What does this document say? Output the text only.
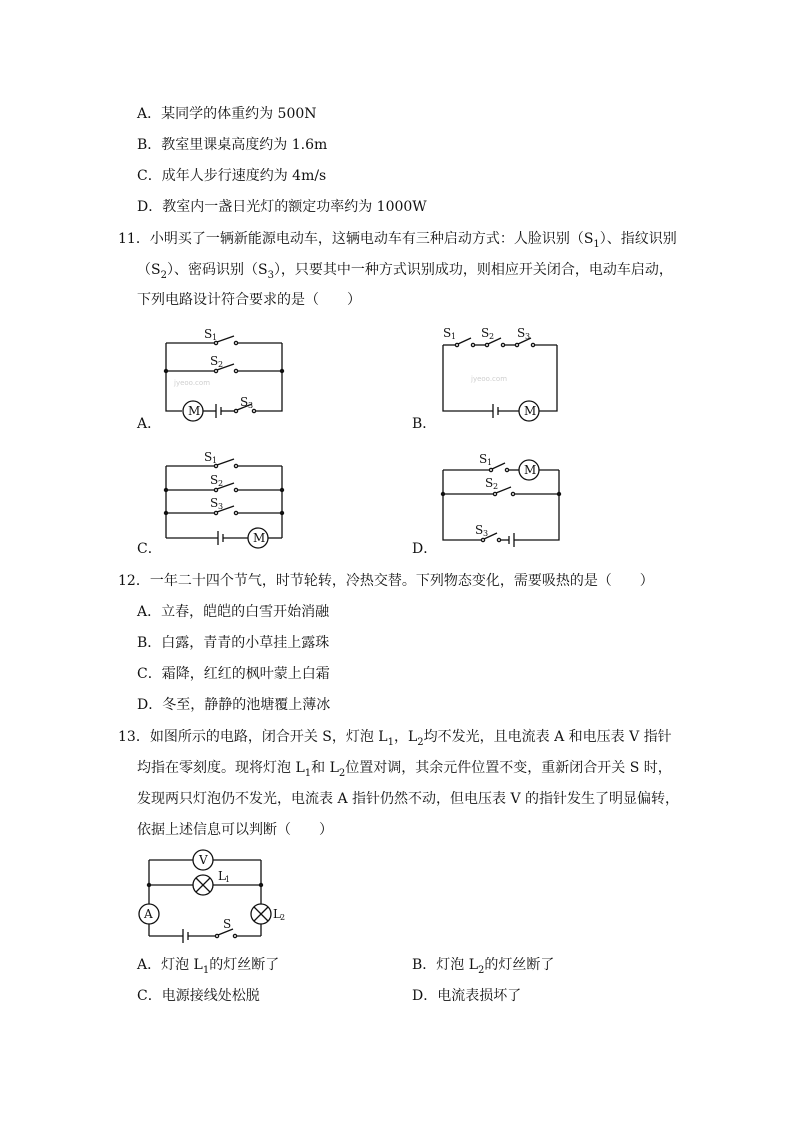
A．某同学的体重约为 500N
B．教室里课桌高度约为 1.6m
C．成年人步行速度约为 4m/s
D．教室内一盏日光灯的额定功率约为 1000W
11．小明买了一辆新能源电动车，这辆电动车有三种启动方式：人脸识别$(S_1)$、指纹识别
$(S_2)$、密码识别$(S_3)$，只要其中一种方式识别成功，则相应开关闭合，电动车启动，
下列电路设计符合要求的是（　　）
A．
M
S 1
S 2
S 3
jyeoo.com
B．
M
S 1 S 2 S 3
jyeoo.com
C．
M
S 1
S 2
S 3
D．
M
S 1
S 2
S 3
12．一年二十四个节气，时节轮转，冷热交替。下列物态变化，需要吸热的是（　　）
A．立春，皑皑的白雪开始消融
B．白露，青青的小草挂上露珠
C．霜降，红红的枫叶蒙上白霜
D．冬至，静静的池塘覆上薄冰
13．如图所示的电路，闭合开关 S，灯泡 $L_1$，$L_2$均不发光，且电流表 A 和电压表 V 指针
均指在零刻度。现将灯泡 $L_1$和 $L_2$位置对调，其余元件位置不变，重新闭合开关 S 时，
发现两只灯泡仍不发光，电流表 A 指针仍然不动，但电压表 V 的指针发生了明显偏转，
依据上述信息可以判断（　　）
V
L 1
A	L 2
S
A．灯泡 $L_1$的灯丝断了	B．灯泡 $L_2$的灯丝断了
C．电源接线处松脱	D．电流表损坏了
